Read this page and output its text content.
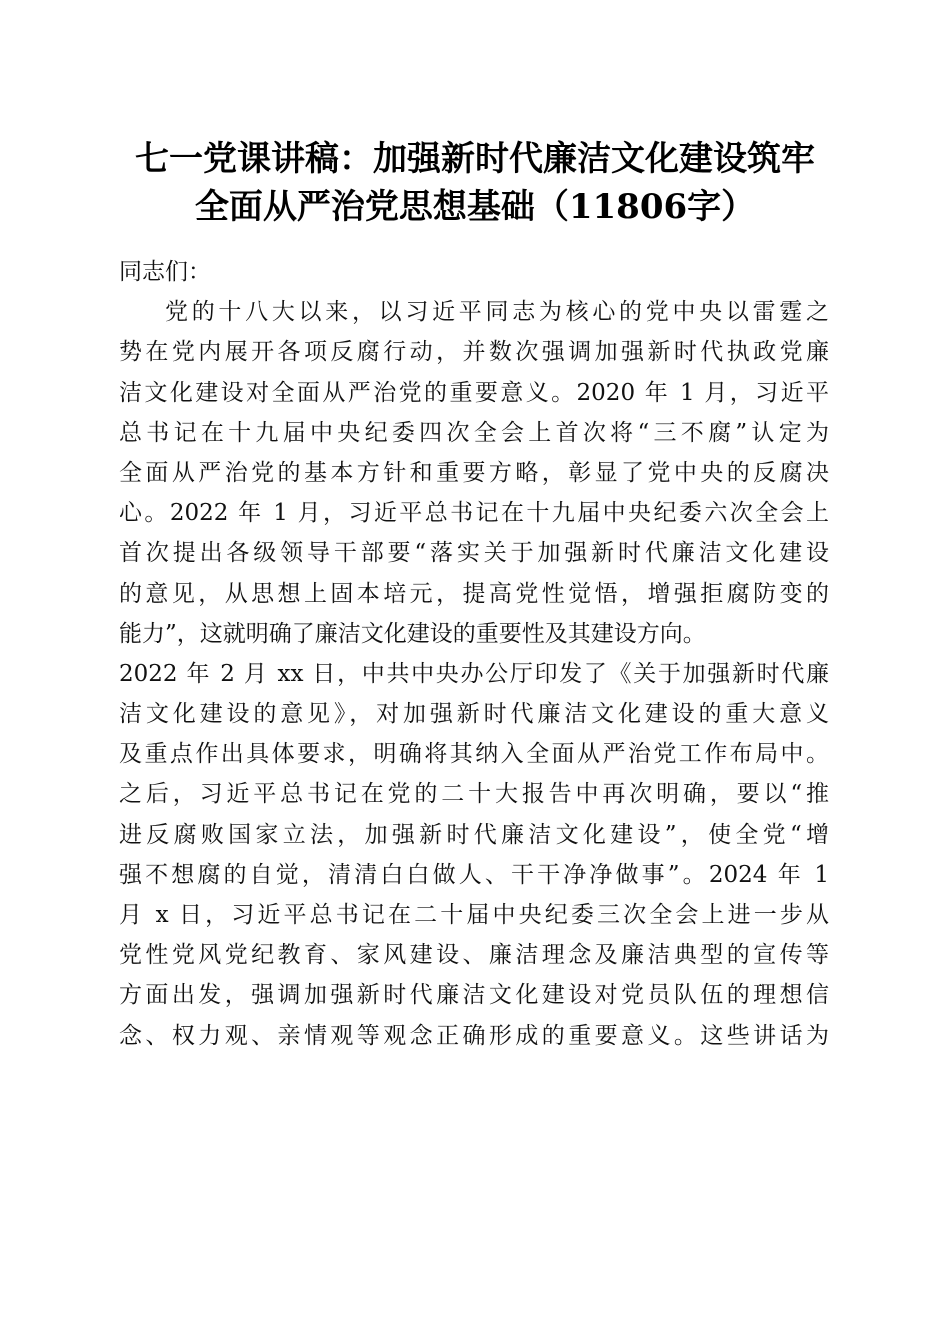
七一党课讲稿：加强新时代廉洁文化建设筑牢
全面从严治党思想基础（11806字）
同志们：
党的十八大以来，以习近平同志为核心的党中央以雷霆之
势在党内展开各项反腐行动，并数次强调加强新时代执政党廉
洁文化建设对全面从严治党的重要意义。2020 年 1 月，习近平
总书记在十九届中央纪委四次全会上首次将“三不腐”认定为
全面从严治党的基本方针和重要方略，彰显了党中央的反腐决
心。2022 年 1 月，习近平总书记在十九届中央纪委六次全会上
首次提出各级领导干部要“落实关于加强新时代廉洁文化建设
的意见，从思想上固本培元，提高党性觉悟，增强拒腐防变的
能力”，这就明确了廉洁文化建设的重要性及其建设方向。
2022 年 2 月 xx 日，中共中央办公厅印发了《关于加强新时代廉
洁文化建设的意见》，对加强新时代廉洁文化建设的重大意义
及重点作出具体要求，明确将其纳入全面从严治党工作布局中。
之后，习近平总书记在党的二十大报告中再次明确，要以“推
进反腐败国家立法，加强新时代廉洁文化建设”，使全党“增
强不想腐的自觉，清清白白做人、干干净净做事”。2024 年 1
月 x 日，习近平总书记在二十届中央纪委三次全会上进一步从
党性党风党纪教育、家风建设、廉洁理念及廉洁典型的宣传等
方面出发，强调加强新时代廉洁文化建设对党员队伍的理想信
念、权力观、亲情观等观念正确形成的重要意义。这些讲话为
